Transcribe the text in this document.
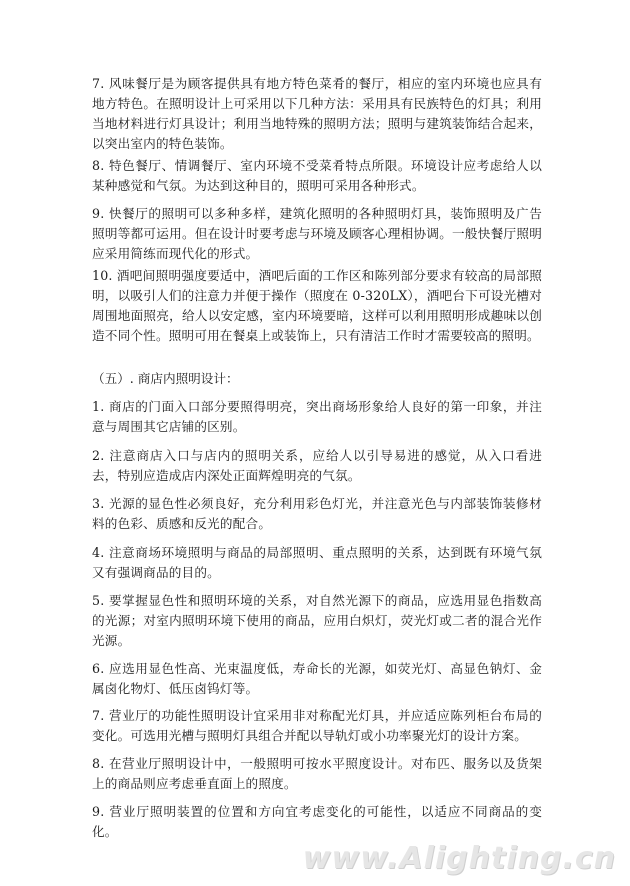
7. 风味餐厅是为顾客提供具有地方特色菜肴的餐厅，相应的室内环境也应具有地方特色。在照明设计上可采用以下几种方法：采用具有民族特色的灯具；利用当地材料进行灯具设计；利用当地特殊的照明方法；照明与建筑装饰结合起来，以突出室内的特色装饰。

8. 特色餐厅、情调餐厅、室内环境不受菜肴特点所限。环境设计应考虑给人以某种感觉和气氛。为达到这种目的，照明可采用各种形式。

9. 快餐厅的照明可以多种多样，建筑化照明的各种照明灯具，装饰照明及广告照明等都可运用。但在设计时要考虑与环境及顾客心理相协调。一般快餐厅照明应采用简练而现代化的形式。

10. 酒吧间照明强度要适中，酒吧后面的工作区和陈列部分要求有较高的局部照明，以吸引人们的注意力并便于操作（照度在 0-320LX），酒吧台下可设光槽对周围地面照亮，给人以安定感，室内环境要暗，这样可以利用照明形成趣味以创造不同个性。照明可用在餐桌上或装饰上，只有清洁工作时才需要较高的照明。

（五）. 商店内照明设计：

1. 商店的门面入口部分要照得明亮，突出商场形象给人良好的第一印象，并注意与周围其它店铺的区别。

2. 注意商店入口与店内的照明关系，应给人以引导易进的感觉，从入口看进去，特别应造成店内深处正面辉煌明亮的气氛。

3. 光源的显色性必须良好，充分利用彩色灯光，并注意光色与内部装饰装修材料的色彩、质感和反光的配合。

4. 注意商场环境照明与商品的局部照明、重点照明的关系，达到既有环境气氛又有强调商品的目的。

5. 要掌握显色性和照明环境的关系，对自然光源下的商品，应选用显色指数高的光源；对室内照明环境下使用的商品，应用白炽灯，荧光灯或二者的混合光作光源。

6. 应选用显色性高、光束温度低，寿命长的光源，如荧光灯、高显色钠灯、金属卤化物灯、低压卤钨灯等。

7. 营业厅的功能性照明设计宜采用非对称配光灯具，并应适应陈列柜台布局的变化。可选用光槽与照明灯具组合并配以导轨灯或小功率聚光灯的设计方案。

8. 在营业厅照明设计中，一般照明可按水平照度设计。对布匹、服务以及货架上的商品则应考虑垂直面上的照度。

9. 营业厅照明装置的位置和方向宜考虑变化的可能性，以适应不同商品的变化。

www.Alighting.cn
